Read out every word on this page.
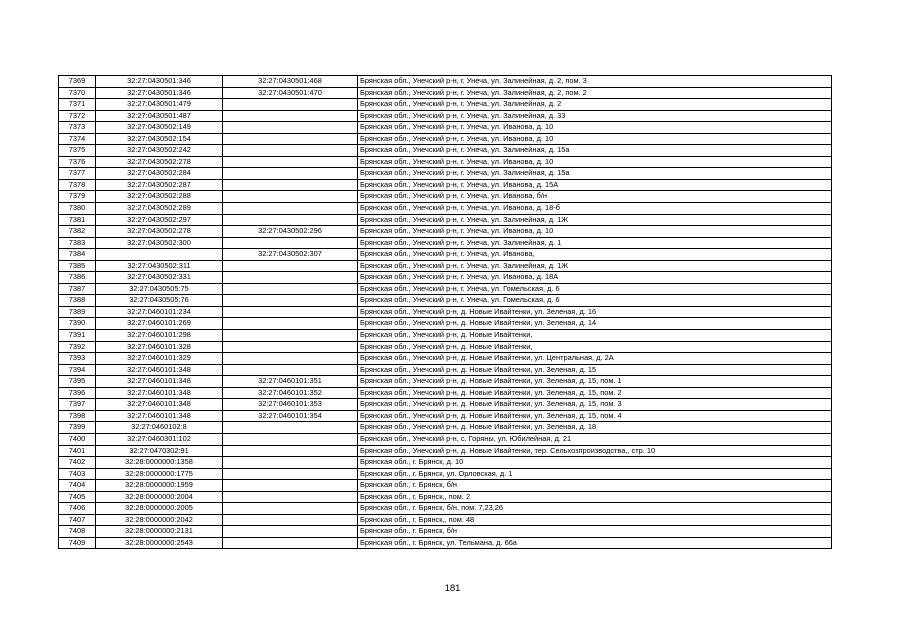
7369	32:27:0430501:346	32:27:0430501:468	Брянская обл., Унечский р-н, г. Унеча, ул. Залинейная, д. 2, пом. 3
7370	32:27:0430501:346	32:27:0430501:470	Брянская обл., Унечский р-н, г. Унеча, ул. Залинейная, д. 2, пом. 2
7371	32:27:0430501:479		Брянская обл., Унечский р-н, г. Унеча, ул. Залинейная, д. 2
7372	32:27:0430501:487		Брянская обл., Унечский р-н, г. Унеча, ул. Залинейная, д. 33
7373	32:27:0430502:149		Брянская обл., Унечский р-н, г. Унеча, ул. Иванова, д. 10
7374	32:27:0430502:154		Брянская обл., Унечский р-н, г. Унеча, ул. Иванова, д. 10
7375	32:27:0430502:242		Брянская обл., Унечский р-н, г. Унеча, ул. Залинейная, д. 15а
7376	32:27:0430502:278		Брянская обл., Унечский р-н, г. Унеча, ул. Иванова, д. 10
7377	32:27:0430502:284		Брянская обл., Унечский р-н, г. Унеча, ул. Залинейная, д. 15а
7378	32:27:0430502:287		Брянская обл., Унечский р-н, г. Унеча, ул. Иванова, д. 15А
7379	32:27:0430502:288		Брянская обл., Унечский р-н, г. Унеча, ул. Иванова, б/н
7380	32:27:0430502:289		Брянская обл., Унечский р-н, г. Унеча, ул. Иванова, д. 18-б
7381	32:27:0430502:297		Брянская обл., Унечский р-н, г. Унеча, ул. Залинейная, д. 1Ж
7382	32:27:0430502:278	32:27:0430502:296	Брянская обл., Унечский р-н, г. Унеча, ул. Иванова, д. 10
7383	32:27:0430502:300		Брянская обл., Унечский р-н, г. Унеча, ул. Залинейная, д. 1
7384		32:27:0430502:307	Брянская обл., Унечский р-н, г. Унеча, ул. Иванова,
7385	32:27:0430502:311		Брянская обл., Унечский р-н, г. Унеча, ул. Залинейная, д. 1Ж
7386	32:27:0430502:331		Брянская обл., Унечский р-н, г. Унеча, ул. Иванова, д. 18А
7387	32:27:0430505:75		Брянская обл., Унечский р-н, г. Унеча, ул. Гомельская, д. 6
7388	32:27:0430505:76		Брянская обл., Унечский р-н, г. Унеча, ул. Гомельская, д. 6
7389	32:27:0460101:234		Брянская обл., Унечский р-н, д. Новые Ивайтенки, ул. Зеленая, д. 16
7390	32:27:0460101:269		Брянская обл., Унечский р-н, д. Новые Ивайтенки, ул. Зеленая, д. 14
7391	32:27:0460101:298		Брянская обл., Унечский р-н, д. Новые Ивайтенки,
7392	32:27:0460101:328		Брянская обл., Унечский р-н, д. Новые Ивайтенки,
7393	32:27:0460101:329		Брянская обл., Унечский р-н, д. Новые Ивайтенки, ул. Центральная, д. 2А
7394	32:27:0460101:348		Брянская обл., Унечский р-н, д. Новые Ивайтенки, ул. Зеленая, д. 15
7395	32:27:0460101:348	32:27:0460101:351	Брянская обл., Унечский р-н, д. Новые Ивайтенки, ул. Зеленая, д. 15, пом. 1
7396	32:27:0460101:348	32:27:0460101:352	Брянская обл., Унечский р-н, д. Новые Ивайтенки, ул. Зеленая, д. 15, пом. 2
7397	32:27:0460101:348	32:27:0460101:353	Брянская обл., Унечский р-н, д. Новые Ивайтенки, ул. Зеленая, д. 15, пом. 3
7398	32:27:0460101:348	32:27:0460101:354	Брянская обл., Унечский р-н, д. Новые Ивайтенки, ул. Зеленая, д. 15, пом. 4
7399	32:27:0460102:8		Брянская обл., Унечский р-н, д. Новые Ивайтенки, ул. Зеленая, д. 18
7400	32:27:0460301:102		Брянская обл., Унечский р-н, с. Горяны, ул. Юбилейная, д. 21
7401	32:27:0470302:91		Брянская обл., Унечский р-н, д. Новые Ивайтенки, тер. Сельхозпроизводства,, стр. 10
7402	32:28:0000000:1358		Брянская обл., г. Брянск, д. 10
7403	32:28:0000000:1775		Брянская обл., г. Брянск, ул. Орловская, д. 1
7404	32:28:0000000:1959		Брянская обл., г. Брянск, б/н
7405	32:28:0000000:2004		Брянская обл., г. Брянск,, пом. 2
7406	32:28:0000000:2005		Брянская обл., г. Брянск, б/н, пом. 7,23,26
7407	32:28:0000000:2042		Брянская обл., г. Брянск,, пом. 48
7408	32:28:0000000:2131		Брянская обл., г. Брянск, б/н
7409	32:28:0000000:2543		Брянская обл., г. Брянск, ул. Тельмана, д. 66а
181
